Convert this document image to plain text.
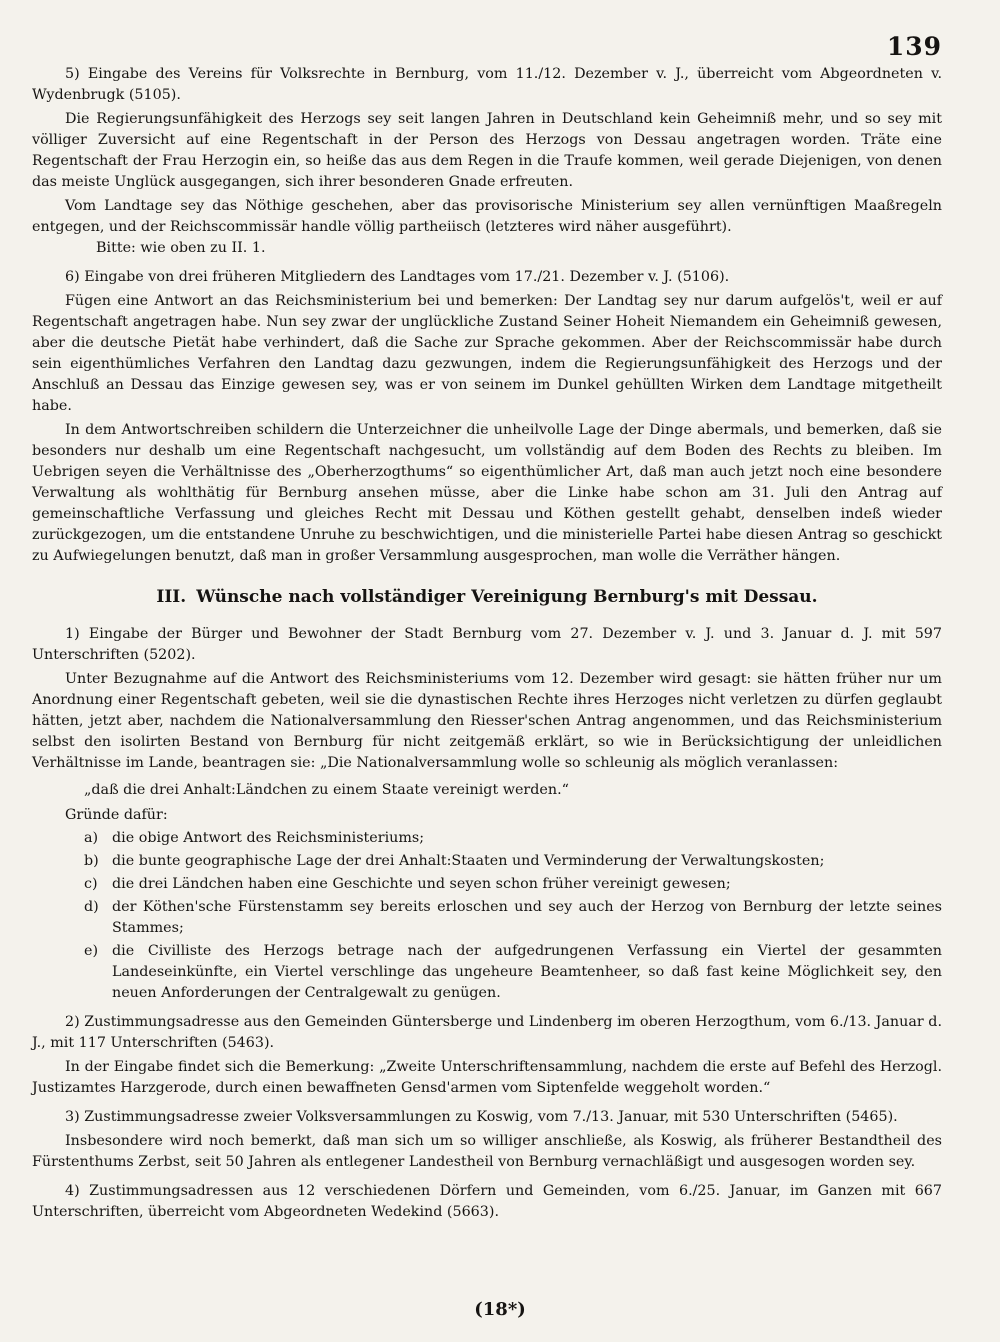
139

5) Eingabe des Vereins für Volksrechte in Bernburg, vom 11./12. Dezember v. J., überreicht vom Abgeordneten v. Wydenbrugk (5105).

Die Regierungsunfähigkeit des Herzogs sey seit langen Jahren in Deutschland kein Geheimniß mehr, und so sey mit völliger Zuversicht auf eine Regentschaft in der Person des Herzogs von Dessau angetragen worden. Träte eine Regentschaft der Frau Herzogin ein, so heiße das aus dem Regen in die Traufe kommen, weil gerade Diejenigen, von denen das meiste Unglück ausgegangen, sich ihrer besonderen Gnade erfreuten.

Vom Landtage sey das Nöthige geschehen, aber das provisorische Ministerium sey allen vernünftigen Maaßregeln entgegen, und der Reichscommissär handle völlig partheiisch (letzteres wird näher ausgeführt).

Bitte: wie oben zu II. 1.

6) Eingabe von drei früheren Mitgliedern des Landtages vom 17./21. Dezember v. J. (5106).

Fügen eine Antwort an das Reichsministerium bei und bemerken: Der Landtag sey nur darum aufgelös't, weil er auf Regentschaft angetragen habe. Nun sey zwar der unglückliche Zustand Seiner Hoheit Niemandem ein Geheimniß gewesen, aber die deutsche Pietät habe verhindert, daß die Sache zur Sprache gekommen. Aber der Reichscommissär habe durch sein eigenthümliches Verfahren den Landtag dazu gezwungen, indem die Regierungsunfähigkeit des Herzogs und der Anschluß an Dessau das Einzige gewesen sey, was er von seinem im Dunkel gehüllten Wirken dem Landtage mitgetheilt habe.

In dem Antwortschreiben schildern die Unterzeichner die unheilvolle Lage der Dinge abermals, und bemerken, daß sie besonders nur deshalb um eine Regentschaft nachgesucht, um vollständig auf dem Boden des Rechts zu bleiben. Im Uebrigen seyen die Verhältnisse des „Oberherzogthums“ so eigenthümlicher Art, daß man auch jetzt noch eine besondere Verwaltung als wohlthätig für Bernburg ansehen müsse, aber die Linke habe schon am 31. Juli den Antrag auf gemeinschaftliche Verfassung und gleiches Recht mit Dessau und Köthen gestellt gehabt, denselben indeß wieder zurückgezogen, um die entstandene Unruhe zu beschwichtigen, und die ministerielle Partei habe diesen Antrag so geschickt zu Aufwiegelungen benutzt, daß man in großer Versammlung ausgesprochen, man wolle die Verräther hängen.

III. Wünsche nach vollständiger Vereinigung Bernburg's mit Dessau.

1) Eingabe der Bürger und Bewohner der Stadt Bernburg vom 27. Dezember v. J. und 3. Januar d. J. mit 597 Unterschriften (5202).

Unter Bezugnahme auf die Antwort des Reichsministeriums vom 12. Dezember wird gesagt: sie hätten früher nur um Anordnung einer Regentschaft gebeten, weil sie die dynastischen Rechte ihres Herzoges nicht verletzen zu dürfen geglaubt hätten, jetzt aber, nachdem die Nationalversammlung den Riesser'schen Antrag angenommen, und das Reichsministerium selbst den isolirten Bestand von Bernburg für nicht zeitgemäß erklärt, so wie in Berücksichtigung der unleidlichen Verhältnisse im Lande, beantragen sie: „Die Nationalversammlung wolle so schleunig als möglich veranlassen:

„daß die drei Anhalt:Ländchen zu einem Staate vereinigt werden.“

Gründe dafür:

a) die obige Antwort des Reichsministeriums;
b) die bunte geographische Lage der drei Anhalt:Staaten und Verminderung der Verwaltungskosten;
c)	die drei Ländchen haben eine Geschichte und seyen schon früher vereinigt gewesen;
d) der Köthen'sche Fürstenstamm sey bereits erloschen und sey auch der Herzog von Bernburg der letzte seines Stammes;
e) die Civilliste des Herzogs betrage nach der aufgedrungenen Verfassung ein Viertel der gesammten Landeseinkünfte, ein Viertel verschlinge das ungeheure Beamtenheer, so daß fast keine Möglichkeit sey, den neuen Anforderungen der Centralgewalt zu genügen.

2) Zustimmungsadresse aus den Gemeinden Güntersberge und Lindenberg im oberen Herzogthum, vom 6./13. Januar d. J., mit 117 Unterschriften (5463).

In der Eingabe findet sich die Bemerkung: „Zweite Unterschriftensammlung, nachdem die erste auf Befehl des Herzogl. Justizamtes Harzgerode, durch einen bewaffneten Gensd'armen vom Siptenfelde weggeholt worden.“

3) Zustimmungsadresse zweier Volksversammlungen zu Koswig, vom 7./13. Januar, mit 530 Unterschriften (5465).

Insbesondere wird noch bemerkt, daß man sich um so williger anschließe, als Koswig, als früherer Bestandtheil des Fürstenthums Zerbst, seit 50 Jahren als entlegener Landestheil von Bernburg vernachläßigt und ausgesogen worden sey.

4) Zustimmungsadressen aus 12 verschiedenen Dörfern und Gemeinden, vom 6./25. Januar, im Ganzen mit 667 Unterschriften, überreicht vom Abgeordneten Wedekind (5663).

(18*)
